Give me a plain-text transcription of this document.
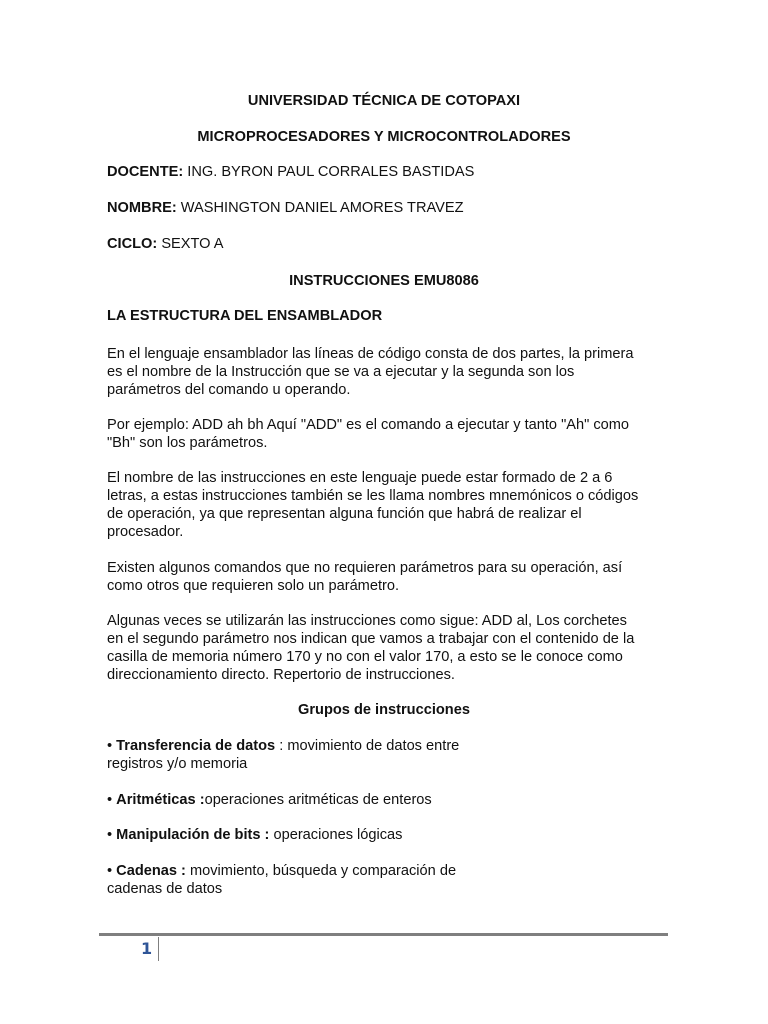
UNIVERSIDAD TÉCNICA DE COTOPAXI
MICROPROCESADORES Y MICROCONTROLADORES
DOCENTE: ING. BYRON PAUL CORRALES BASTIDAS
NOMBRE: WASHINGTON DANIEL AMORES TRAVEZ
CICLO: SEXTO A
INSTRUCCIONES EMU8086
LA ESTRUCTURA DEL ENSAMBLADOR

En el lenguaje ensamblador las líneas de código consta de dos partes, la primera

es el nombre de la Instrucción que se va a ejecutar y la segunda son los

parámetros del comando u operando.

Por ejemplo: ADD ah bh Aquí "ADD" es el comando a ejecutar y tanto "Ah" como

"Bh" son los parámetros.

El nombre de las instrucciones en este lenguaje puede estar formado de 2 a 6

letras, a estas instrucciones también se les llama nombres mnemónicos o códigos

de operación, ya que representan alguna función que habrá de realizar el

procesador.

Existen algunos comandos que no requieren parámetros para su operación, así

como otros que requieren solo un parámetro.

Algunas veces se utilizarán las instrucciones como sigue: ADD al, Los corchetes

en el segundo parámetro nos indican que vamos a trabajar con el contenido de la

casilla de memoria número 170 y no con el valor 170, a esto se le conoce como

direccionamiento directo. Repertorio de instrucciones.

Grupos de instrucciones

• Transferencia de datos : movimiento de datos entre

registros y/o memoria

• Aritméticas :operaciones aritméticas de enteros

• Manipulación de bits : operaciones lógicas

• Cadenas : movimiento, búsqueda y comparación de

cadenas de datos

1
